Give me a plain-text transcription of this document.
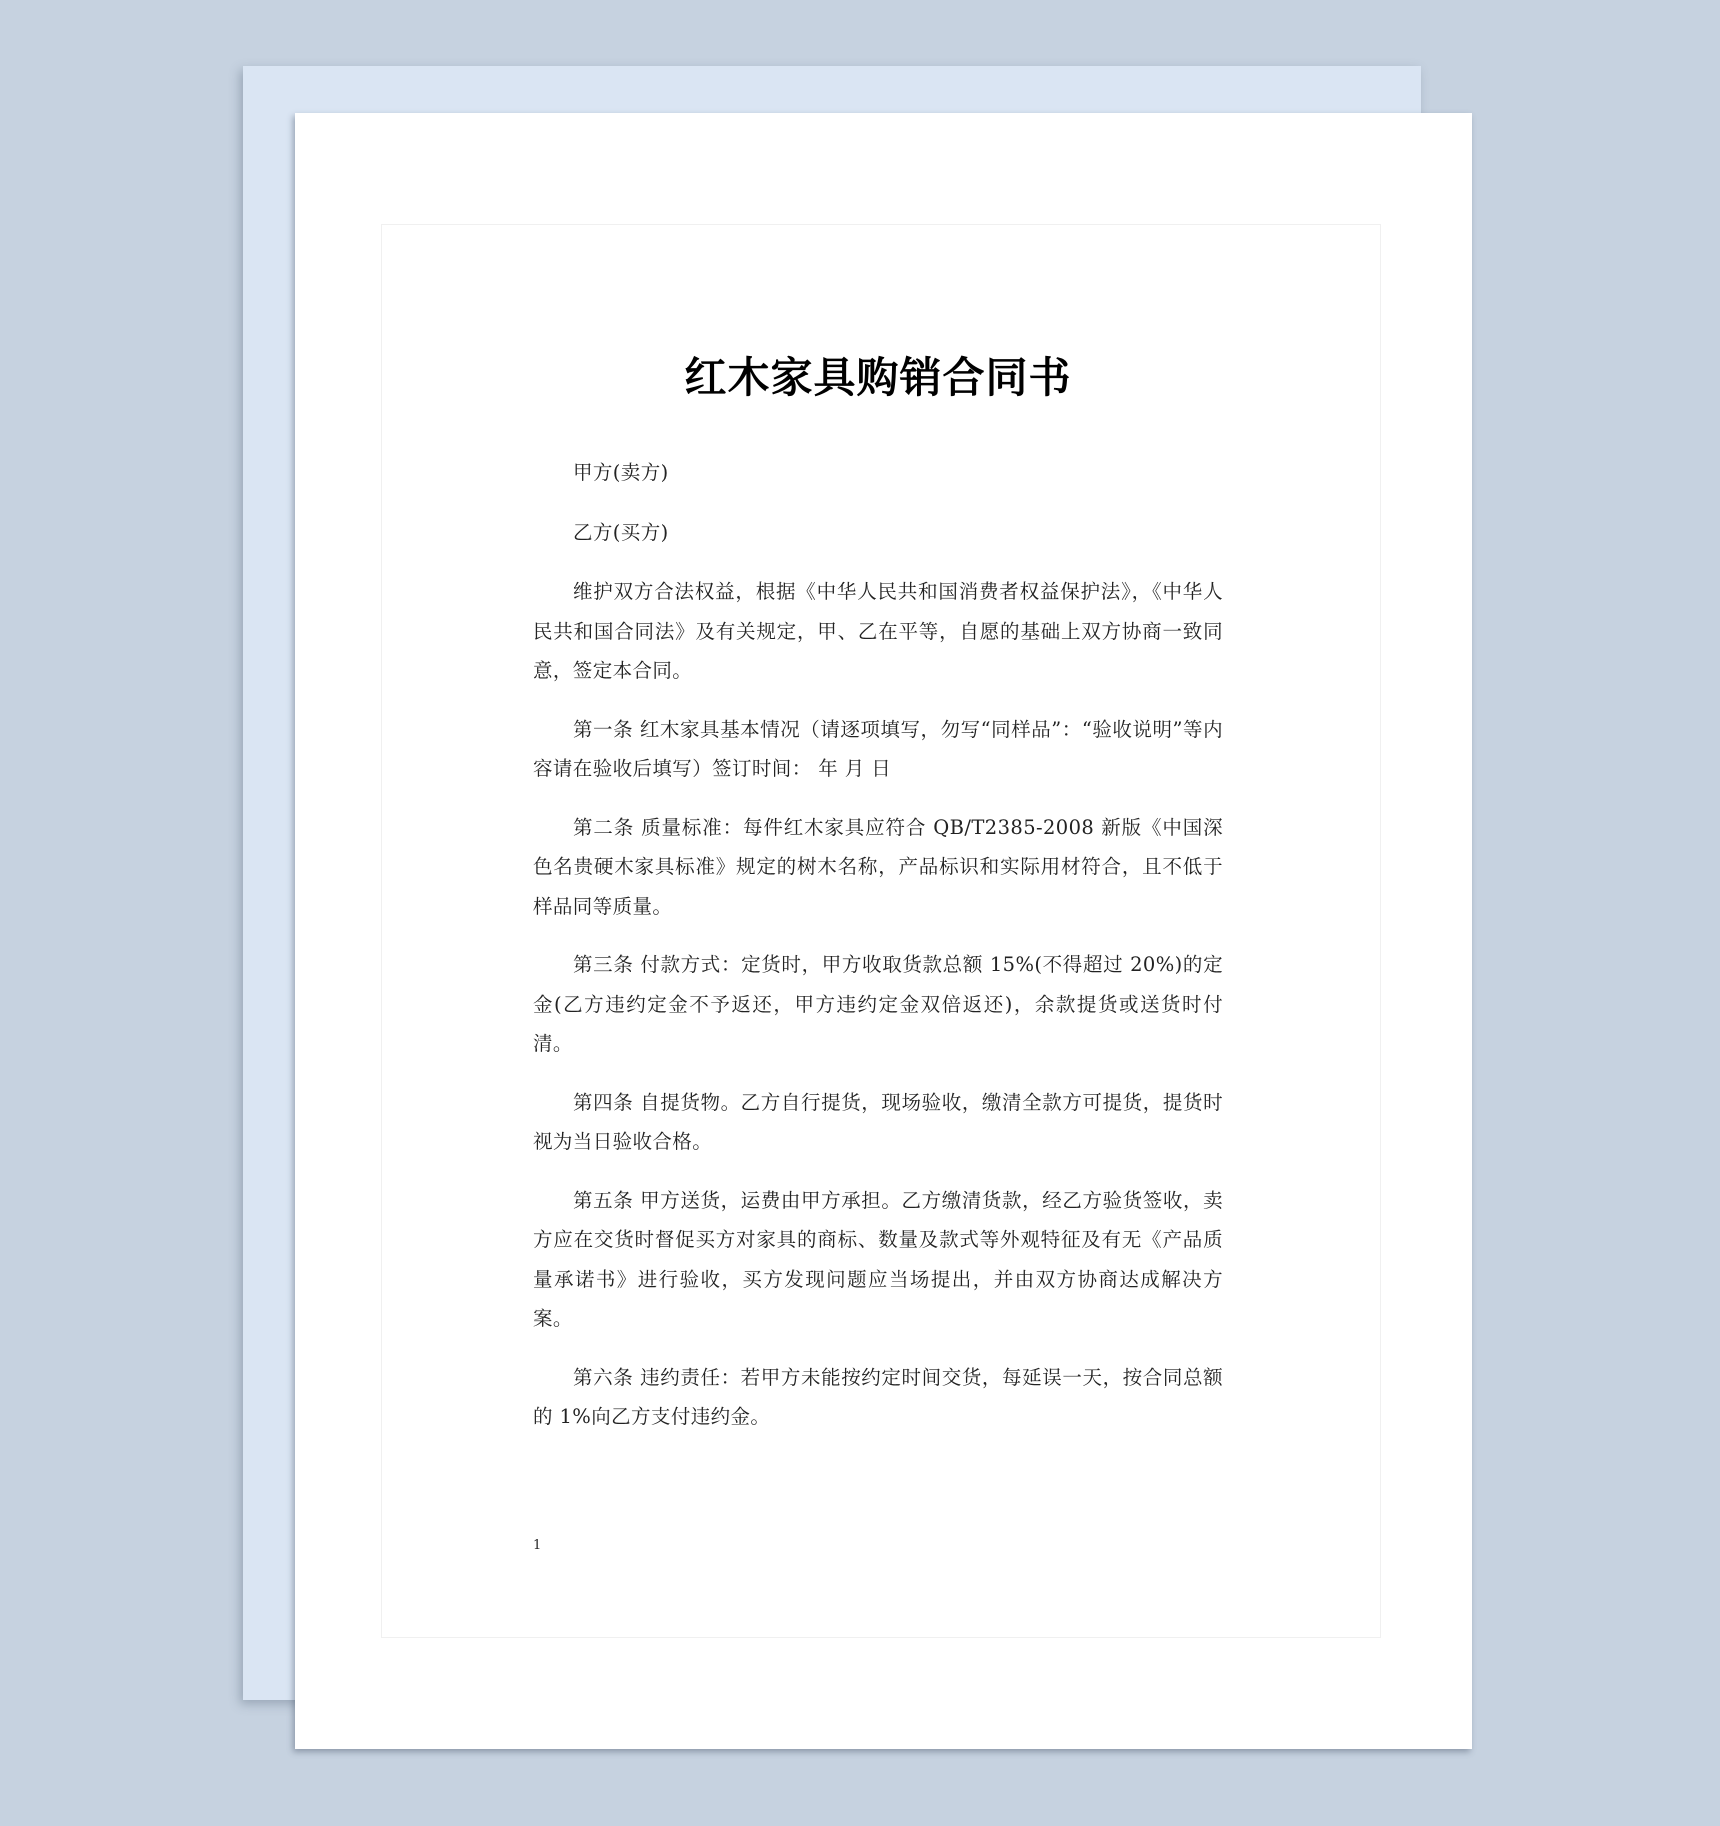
红木家具购销合同书

甲方(卖方)

乙方(买方)

维护双方合法权益，根据《中华人民共和国消费者权益保护法》，《中华人民共和国合同法》及有关规定，甲、乙在平等，自愿的基础上双方协商一致同意，签定本合同。

第一条 红木家具基本情况（请逐项填写，勿写“同样品”：“验收说明”等内容请在验收后填写）签订时间： 年 月 日

第二条 质量标准：每件红木家具应符合 QB/T2385-2008 新版《中国深色名贵硬木家具标准》规定的树木名称，产品标识和实际用材符合，且不低于样品同等质量。

第三条 付款方式：定货时，甲方收取货款总额 15%(不得超过 20%)的定金(乙方违约定金不予返还，甲方违约定金双倍返还)，余款提货或送货时付清。

第四条 自提货物。乙方自行提货，现场验收，缴清全款方可提货，提货时视为当日验收合格。

第五条 甲方送货，运费由甲方承担。乙方缴清货款，经乙方验货签收，卖方应在交货时督促买方对家具的商标、数量及款式等外观特征及有无《产品质量承诺书》进行验收，买方发现问题应当场提出，并由双方协商达成解决方案。

第六条 违约责任：若甲方未能按约定时间交货，每延误一天，按合同总额的 1%向乙方支付违约金。

1
